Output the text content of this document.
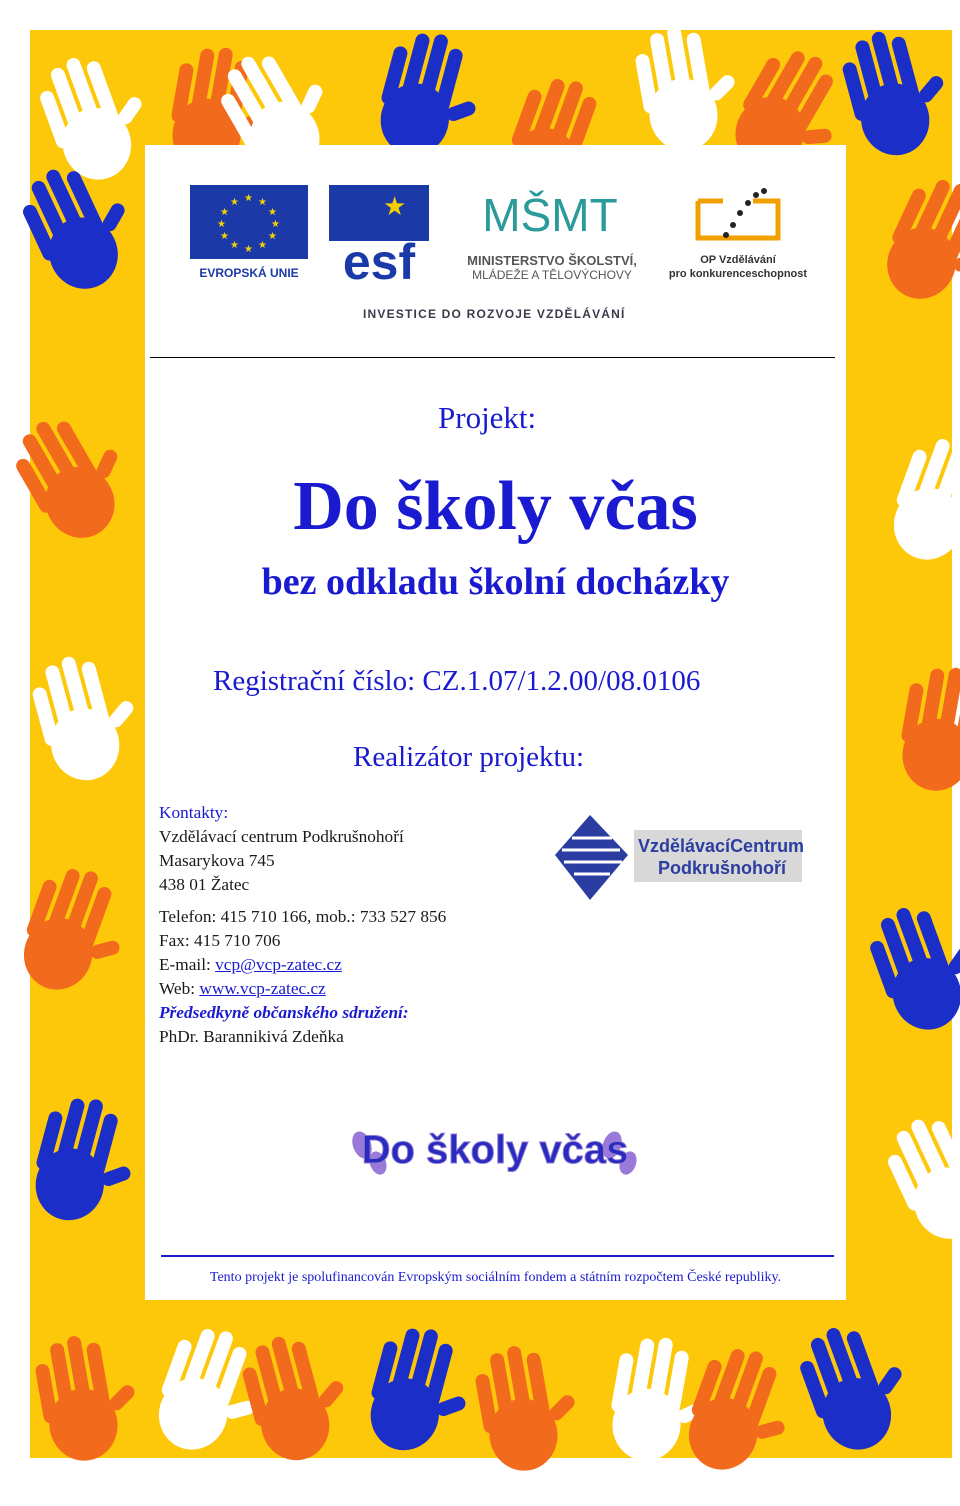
★ ★
★
★
★
★
★
★
★
★
★
★
EVROPSKÁ UNIE
★
esf
MŠMT
MINISTERSTVO ŠKOLSTVÍ,
MLÁDEŽE A TĚLOVÝCHOVY
OP Vzdělávání
pro konkurenceschopnost
INVESTICE DO ROZVOJE VZDĚLÁVÁNÍ
Projekt:
Do školy včas
bez odkladu školní docházky
Registrační číslo: CZ.1.07/1.2.00/08.0106
Realizátor projektu:
Kontakty:
Vzdělávací centrum Podkrušnohoří
Masarykova 745
438 01 Žatec
Telefon: 415 710 166, mob.: 733 527 856
Fax: 415 710 706
E-mail: vcp@vcp-zatec.cz
Web: www.vcp-zatec.cz
Předsedkyně občanského sdružení:
PhDr. Barannikivá Zdeňka
VzdělávacíCentrum
Podkrušnohoří
Do školy včas
Tento projekt je spolufinancován Evropským sociálním fondem a státním rozpočtem České republiky.
